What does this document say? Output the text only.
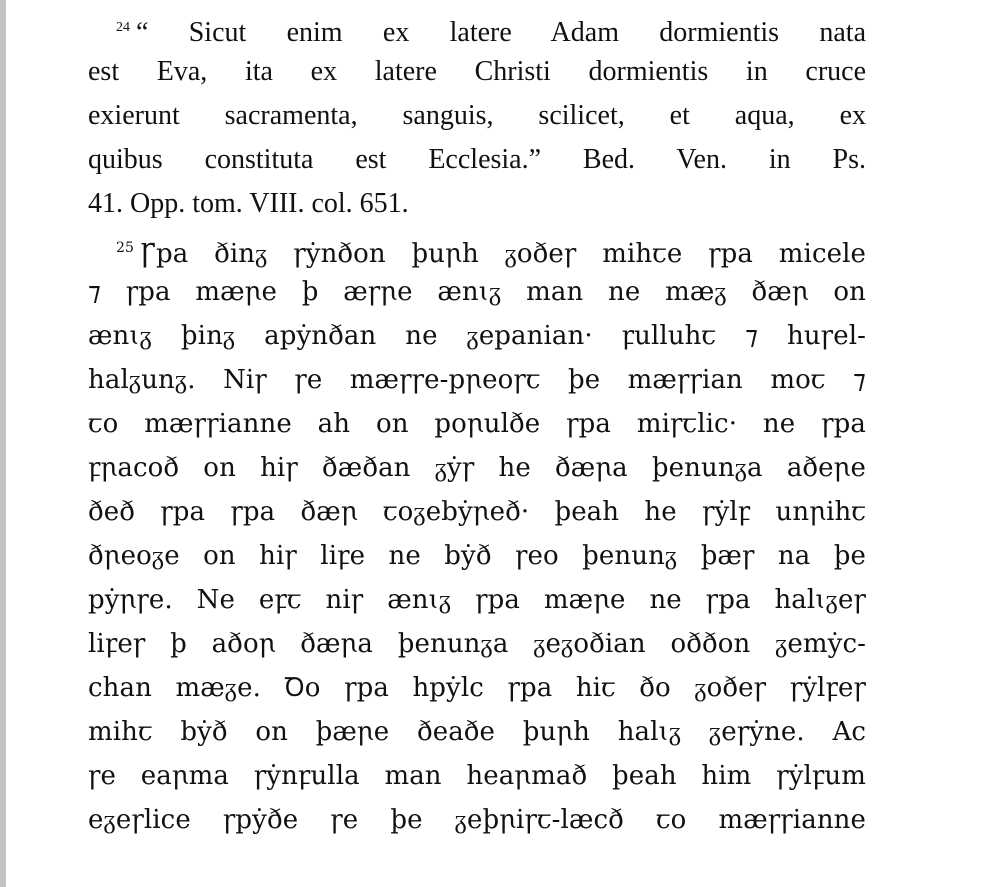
$^{24}$ “ Sicut enim ex latere Adam dormientis nata
est Eva, ita ex latere Christi dormientis in cruce
exierunt sacramenta, sanguis, scilicet, et aqua, ex
quibus constituta est Ecclesia.” Bed. Ven. in Ps.
41. Opp. tom. VIII. col. 651.
$^{25}$ Ꞅpa ðinᵹ ꞅẏnðon þuꞃh ᵹoðeꞅ mihꞇe ꞅpa micele
⁊ ꞅpa mæꞃe þ æꞅꞃe ænɩᵹ man ne mæᵹ ðæꞃ on
ænɩᵹ þinᵹ apẏnðan ne ᵹepanian· ꝼulluhꞇ ⁊ huꞅel-
halᵹunᵹ. Niꞅ ꞅe mæꞅꞅe-pꞃeoꞅꞇ þe mæꞅꞅian moꞇ ⁊
ꞇo mæꞅꞅianne ah on poꞃulðe ꞅpa miꞅꞇlic· ne ꞅpa
ꝼꞃacoð on hiꞅ ðæðan ᵹẏꞅ he ðæꞃa þenunᵹa aðeꞃe
ðeð ꞅpa ꞅpa ðæꞃ ꞇoᵹebẏꞃeð· þeah he ꞅẏlꝼ unꞃihꞇ
ðꞃeoᵹe on hiꞅ liꝼe ne bẏð ꞅeo þenunᵹ þæꞅ na þe
pẏꞃꞅe. Ne eꝼꞇ niꞅ ænɩᵹ ꞅpa mæꞃe ne ꞅpa halɩᵹeꞅ
liꝼeꞅ þ aðoꞃ ðæꞃa þenunᵹa ᵹeᵹoðian oððon ᵹemẏc-
chan mæᵹe. Ꝺo ꞅpa hpẏlc ꞅpa hiꞇ ðo ᵹoðeꞅ ꞅẏlꝼeꞅ
mihꞇ bẏð on þæꞃe ðeaðe þuꞃh halɩᵹ ᵹeꞅẏne. Ac
ꞅe eaꞃma ꞅẏnꝼulla man heaꞃmað þeah him ꞅẏlꝼum
eᵹeꞅlice ꞅpẏðe ꞅe þe ᵹeþꞃiꞅꞇ-læcð ꞇo mæꞅꞅianne
